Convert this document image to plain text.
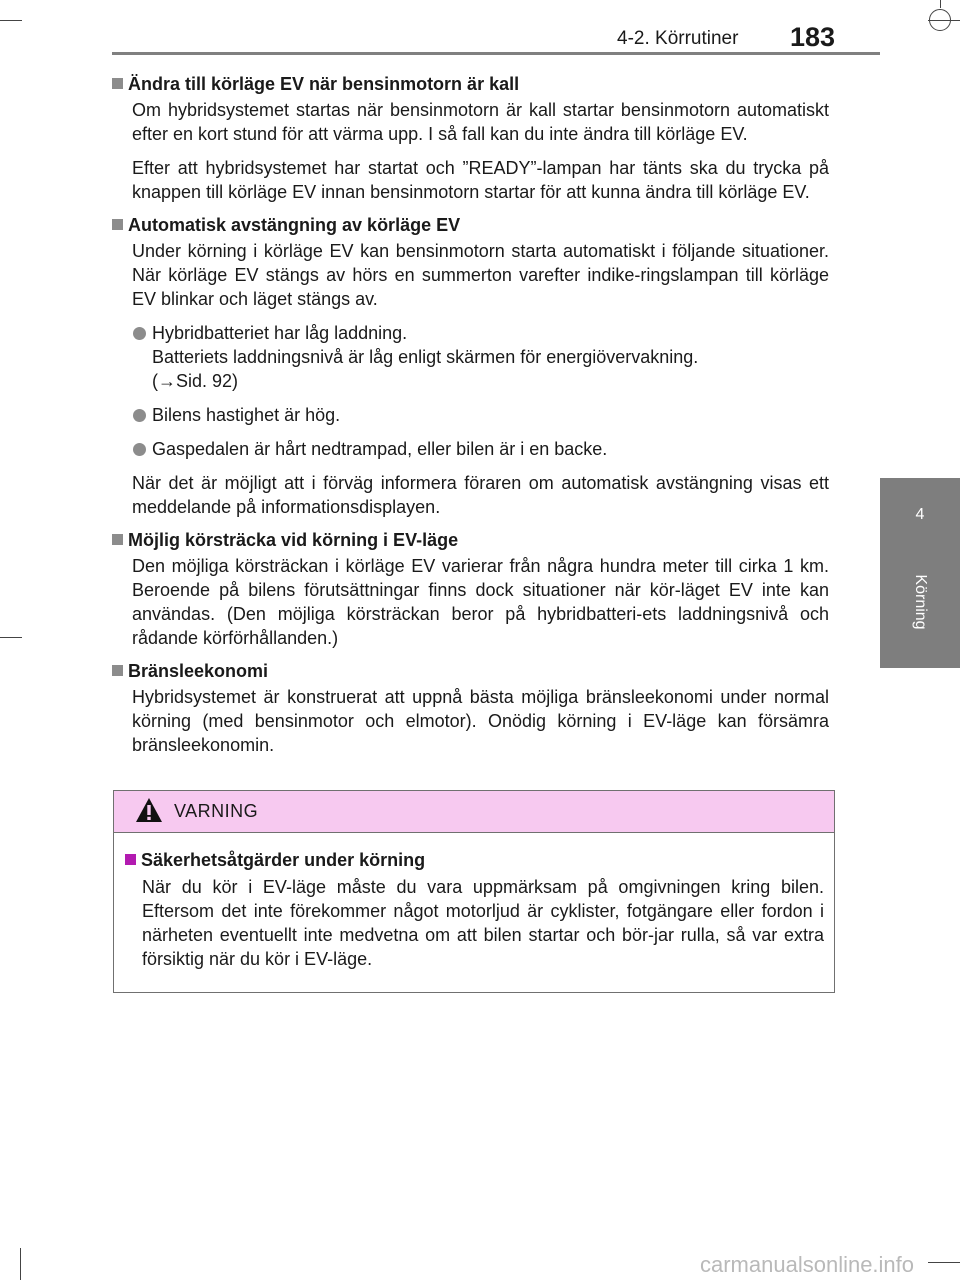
4-2. Körrutiner 183
4
Körning
Ändra till körläge EV när bensinmotorn är kall
Om hybridsystemet startas när bensinmotorn är kall startar bensinmotorn automatiskt efter en kort stund för att värma upp. I så fall kan du inte ändra till körläge EV.
Efter att hybridsystemet har startat och ”READY”-lampan har tänts ska du trycka på knappen till körläge EV innan bensinmotorn startar för att kunna ändra till körläge EV.
Automatisk avstängning av körläge EV
Under körning i körläge EV kan bensinmotorn starta automatiskt i följande situationer. När körläge EV stängs av hörs en summerton varefter indike-ringslampan till körläge EV blinkar och läget stängs av.
Hybridbatteriet har låg laddning.
Batteriets laddningsnivå är låg enligt skärmen för energiövervakning.
(→Sid. 92)
Bilens hastighet är hög.
Gaspedalen är hårt nedtrampad, eller bilen är i en backe.
När det är möjligt att i förväg informera föraren om automatisk avstängning visas ett meddelande på informationsdisplayen.
Möjlig körsträcka vid körning i EV-läge
Den möjliga körsträckan i körläge EV varierar från några hundra meter till cirka 1 km. Beroende på bilens förutsättningar finns dock situationer när kör-läget EV inte kan användas. (Den möjliga körsträckan beror på hybridbatteri-ets laddningsnivå och rådande körförhållanden.)
Bränsleekonomi
Hybridsystemet är konstruerat att uppnå bästa möjliga bränsleekonomi under normal körning (med bensinmotor och elmotor). Onödig körning i EV-läge kan försämra bränsleekonomin.
VARNING
Säkerhetsåtgärder under körning
När du kör i EV-läge måste du vara uppmärksam på omgivningen kring bilen. Eftersom det inte förekommer något motorljud är cyklister, fotgängare eller fordon i närheten eventuellt inte medvetna om att bilen startar och bör-jar rulla, så var extra försiktig när du kör i EV-läge.
carmanualsonline.info
